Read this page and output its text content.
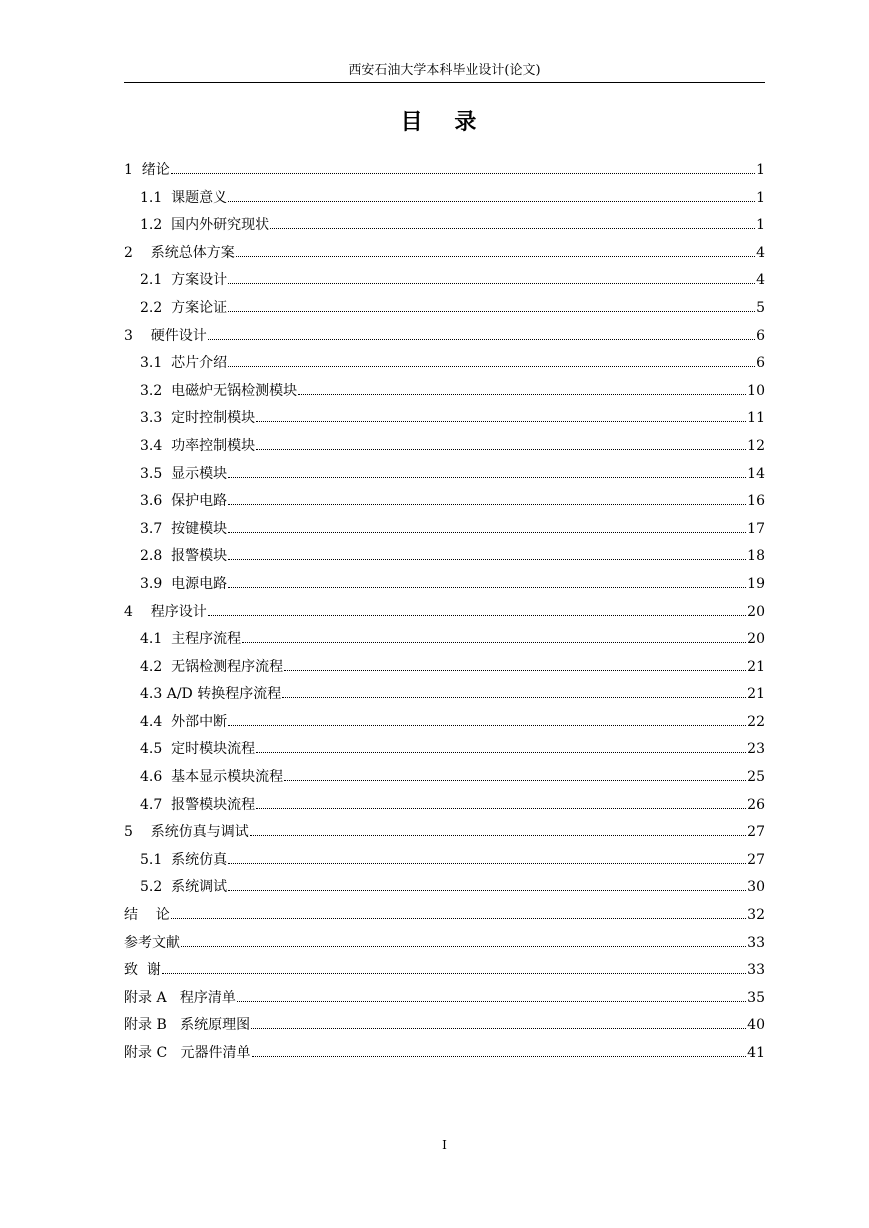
西安石油大学本科毕业设计(论文)
目 录
1  绪论	1
1.1  课题意义	1
1.2  国内外研究现状	1
2    系统总体方案	4
2.1  方案设计	4
2.2  方案论证	5
3    硬件设计	6
3.1  芯片介绍	6
3.2  电磁炉无锅检测模块	10
3.3  定时控制模块	11
3.4  功率控制模块	12
3.5  显示模块	14
3.6  保护电路	16
3.7  按键模块	17
2.8  报警模块	18
3.9  电源电路	19
4    程序设计	20
4.1  主程序流程	20
4.2  无锅检测程序流程	21
4.3 A/D 转换程序流程	21
4.4  外部中断	22
4.5  定时模块流程	23
4.6  基本显示模块流程	25
4.7  报警模块流程	26
5    系统仿真与调试	27
5.1  系统仿真	27
5.2  系统调试	30
结    论	32
参考文献	33
致  谢	33
附录 A   程序清单	35
附录 B   系统原理图	40
附录 C   元器件清单	41
I
